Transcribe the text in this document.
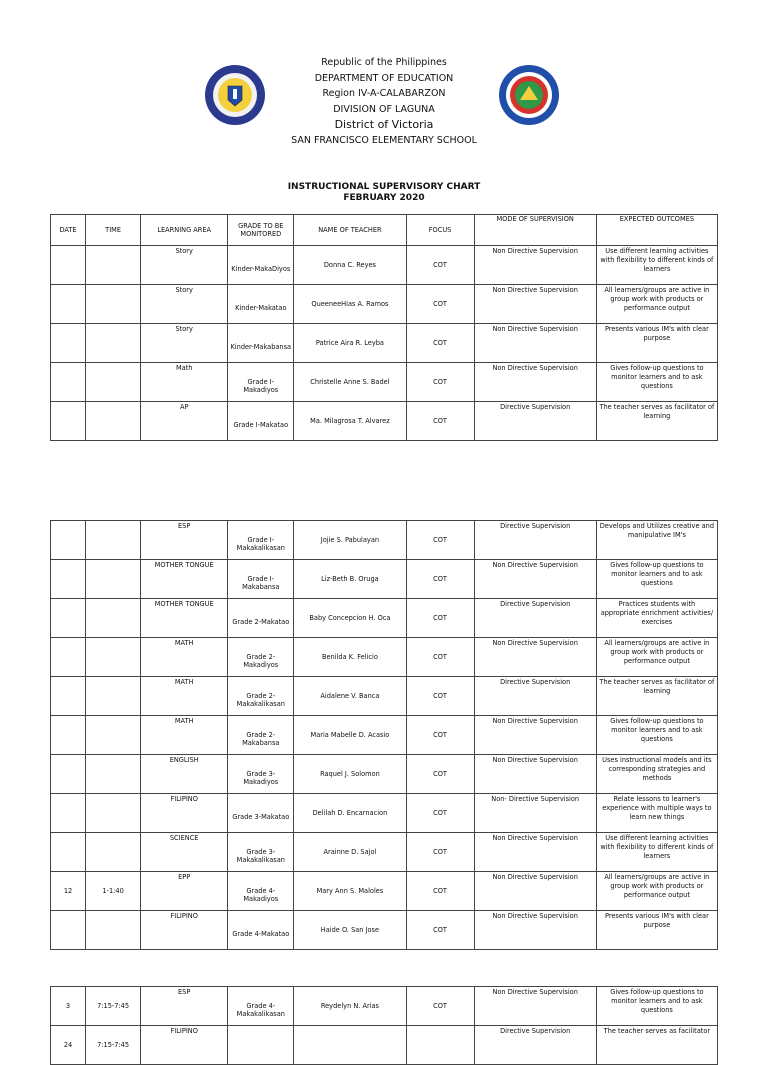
Republic of the Philippines
DEPARTMENT OF EDUCATION
Region IV-A-CALABARZON
DIVISION OF LAGUNA
District of Victoria
SAN FRANCISCO ELEMENTARY SCHOOL
INSTRUCTIONAL SUPERVISORY CHART
FEBRUARY 2020
DATE	TIME	LEARNING AREA	GRADE TO BE MONITORED	NAME OF TEACHER	FOCUS	MODE OF SUPERVISION	EXPECTED OUTCOMES
		Story	Kinder-MakaDiyos	Donna C. Reyes	COT	Non Directive Supervision	Use different learning activities with flexibility to different kinds of learners
		Story	Kinder-Makatao	QueeneeHias A. Ramos	COT	Non Directive Supervision	All learners/groups are active in group work with products or performance output
		Story	Kinder-Makabansa	Patrice Aira R. Leyba	COT	Non Directive Supervision	Presents various IM's with clear purpose
		Math	Grade I-Makadiyos	Christelle Anne S. Badel	COT	Non Directive Supervision	Gives follow-up questions to monitor learners and to ask questions
		AP	Grade I-Makatao	Ma. Milagrosa T. Alvarez	COT	Directive Supervision	The teacher serves as facilitator of learning
		ESP	Grade I-Makakalikasan	Jojie S. Pabulayan	COT	Directive Supervision	Develops and Utilizes creative and manipulative IM's
		MOTHER TONGUE	Grade I-Makabansa	Liz-Beth B. Oruga	COT	Non Directive Supervision	Gives follow-up questions to monitor learners and to ask questions
		MOTHER TONGUE	Grade 2-Makatao	Baby Concepcion H. Oca	COT	Directive Supervision	Practices students with appropriate enrichment activities/ exercises
		MATH	Grade 2-Makadiyos	Benilda K. Felicio	COT	Non Directive Supervision	All learners/groups are active in group work with products or performance output
		MATH	Grade 2-Makakalikasan	Aidalene V. Banca	COT	Directive Supervision	The teacher serves as facilitator of learning
		MATH	Grade 2-Makabansa	Maria Mabelle D. Acasio	COT	Non Directive Supervision	Gives follow-up questions to monitor learners and to ask questions
		ENGLISH	Grade 3-Makadiyos	Raquel J. Solomon	COT	Non Directive Supervision	Uses instructional models and its corresponding strategies and methods
		FILIPINO	Grade 3-Makatao	Delilah D. Encarnacion	COT	Non- Directive Supervision	Relate lessons to learner's experience with multiple ways to learn new things
		SCIENCE	Grade 3-Makakalikasan	Arainne D. Sajol	COT	Non Directive Supervision	Use different learning activities with flexibility to different kinds of learners
12	1-1:40	EPP	Grade 4-Makadiyos	Mary Ann S. Maloles	COT	Non Directive Supervision	All learners/groups are active in group work with products or performance output
		FILIPINO	Grade 4-Makatao	Haide O. San Jose	COT	Non Directive Supervision	Presents various IM's with clear purpose
3	7:15-7:45	ESP	Grade 4-Makakalikasan	Reydelyn N. Arias	COT	Non Directive Supervision	Gives follow-up questions to monitor learners and to ask questions
24	7:15-7:45	FILIPINO				Directive Supervision	The teacher serves as facilitator
